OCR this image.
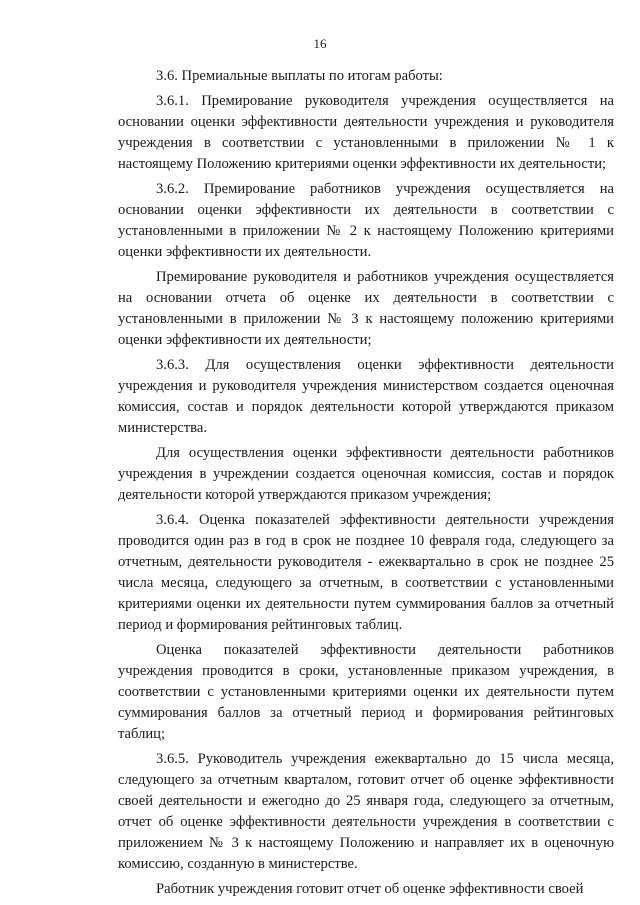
16

3.6. Премиальные выплаты по итогам работы:

3.6.1. Премирование руководителя учреждения осуществляется на основании оценки эффективности деятельности учреждения и руководителя учреждения в соответствии с установленными в приложении № 1 к настоящему Положению критериями оценки эффективности их деятельности;

3.6.2. Премирование работников учреждения осуществляется на основании оценки эффективности их деятельности в соответствии с установленными в приложении № 2 к настоящему Положению критериями оценки эффективности их деятельности.

Премирование руководителя и работников учреждения осуществляется на основании отчета об оценке их деятельности в соответствии с установленными в приложении № 3 к настоящему положению критериями оценки эффективности их деятельности;

3.6.3. Для осуществления оценки эффективности деятельности учреждения и руководителя учреждения министерством создается оценочная комиссия, состав и порядок деятельности которой утверждаются приказом министерства.

Для осуществления оценки эффективности деятельности работников учреждения в учреждении создается оценочная комиссия, состав и порядок деятельности которой утверждаются приказом учреждения;

3.6.4. Оценка показателей эффективности деятельности учреждения проводится один раз в год в срок не позднее 10 февраля года, следующего за отчетным, деятельности руководителя - ежеквартально в срок не позднее 25 числа месяца, следующего за отчетным, в соответствии с установленными критериями оценки их деятельности путем суммирования баллов за отчетный период и формирования рейтинговых таблиц.

Оценка показателей эффективности деятельности работников учреждения проводится в сроки, установленные приказом учреждения, в соответствии с установленными критериями оценки их деятельности путем суммирования баллов за отчетный период и формирования рейтинговых таблиц;

3.6.5. Руководитель учреждения ежеквартально до 15 числа месяца, следующего за отчетным кварталом, готовит отчет об оценке эффективности своей деятельности и ежегодно до 25 января года, следующего за отчетным, отчет об оценке эффективности деятельности учреждения в соответствии с приложением № 3 к настоящему Положению и направляет их в оценочную комиссию, созданную в министерстве.

Работник учреждения готовит отчет об оценке эффективности своей
